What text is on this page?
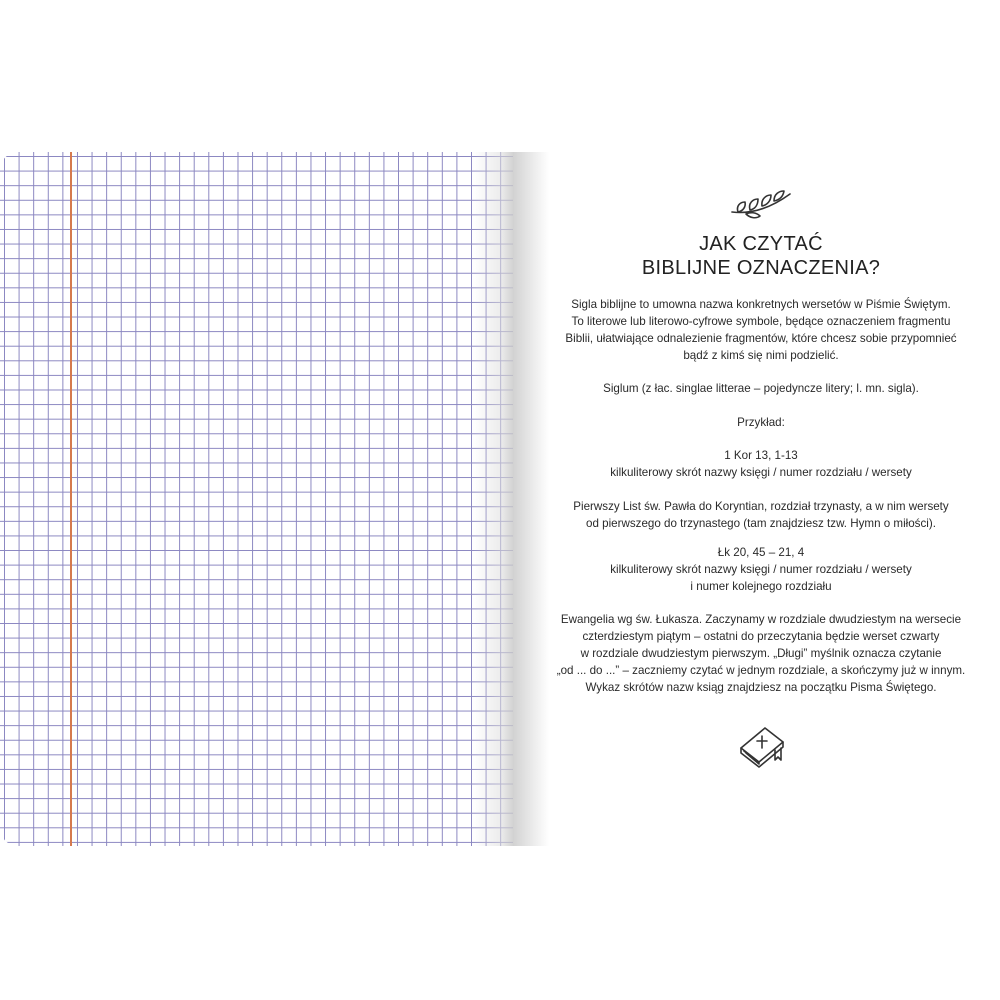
JAK CZYTAĆ
BIBLIJNE OZNACZENIA?
Sigla biblijne to umowna nazwa konkretnych wersetów w Piśmie Świętym.
To literowe lub literowo-cyfrowe symbole, będące oznaczeniem fragmentu
Biblii, ułatwiające odnalezienie fragmentów, które chcesz sobie przypomnieć
bądź z kimś się nimi podzielić.
Siglum (z łac. singlae litterae – pojedyncze litery; l. mn. sigla).
Przykład:
1 Kor 13, 1-13
kilkuliterowy skrót nazwy księgi / numer rozdziału / wersety
Pierwszy List św. Pawła do Koryntian, rozdział trzynasty, a w nim wersety
od pierwszego do trzynastego (tam znajdziesz tzw. Hymn o miłości).
Łk 20, 45 – 21, 4
kilkuliterowy skrót nazwy księgi / numer rozdziału / wersety
i numer kolejnego rozdziału
Ewangelia wg św. Łukasza. Zaczynamy w rozdziale dwudziestym na wersecie
czterdziestym piątym – ostatni do przeczytania będzie werset czwarty
w rozdziale dwudziestym pierwszym. „Długi” myślnik oznacza czytanie
„od ... do ...” – zaczniemy czytać w jednym rozdziale, a skończymy już w innym.
Wykaz skrótów nazw ksiąg znajdziesz na początku Pisma Świętego.
